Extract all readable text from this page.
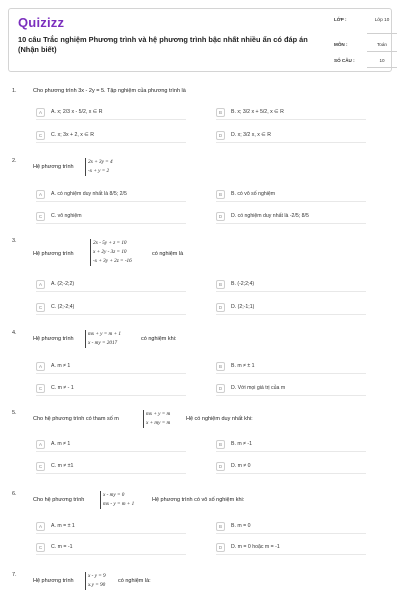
Quizizz
10 câu Trắc nghiệm Phương trình và hệ phương trình bậc nhất nhiều ẩn có đáp án (Nhận biết)
LỚP :	Lớp 10
MÔN :	Toán
SỐ CÂU :	10
1.	Cho phương trình 3x - 2y = 5. Tập nghiệm của phương trình là
A	A. x; 2/3 x - 5/2, x ∈ R	B	B. x; 3/2 x + 5/2, x ∈ R
C	C. x; 3x + 2, x ∈ R	D	D. x; 3/2 x, x ∈ R
2.
Hệ phương trình
2x + 3y = 4
-x + y = 2
A	A. có nghiệm duy nhất là 8/5; 2/5	B	B. có vô số nghiệm
C	C. vô nghiệm	D	D. có nghiệm duy nhất là -2/5; 8/5
3.
Hệ phương trình
2x - 5y + z = 10
x + 2y - 3z = 10
-x + 3y + 2z = -16
có nghiệm là
A	A. (2;-2;2)	B	B. (-2;2;4)
C	C. (2;-2;4)	D	D. (2;-1;1)
4.
Hệ phương trình
mx + y = m + 1
x - my = 2017
có nghiệm khi:
A	A. m ≠ 1	B	B. m ≠ ± 1
C	C. m ≠ - 1	D	D. Với mọi giá trị của m
5.
Cho hệ phương trình có tham số m
mx + y = m
x + my = m
Hệ có nghiệm duy nhất khi:
A	A. m ≠ 1	B	B. m ≠ -1
C	C. m ≠ ±1	D	D. m ≠ 0
6.
Cho hệ phương trình
x - my = 0
mx - y = m + 1
Hệ phương trình có vô số nghiệm khi:
A	A. m = ± 1	B	B. m = 0
C	C. m = -1	D	D. m = 0 hoặc m = -1
7.
Hệ phương trình
x - y = 9
x.y = 90
có nghiệm là:
